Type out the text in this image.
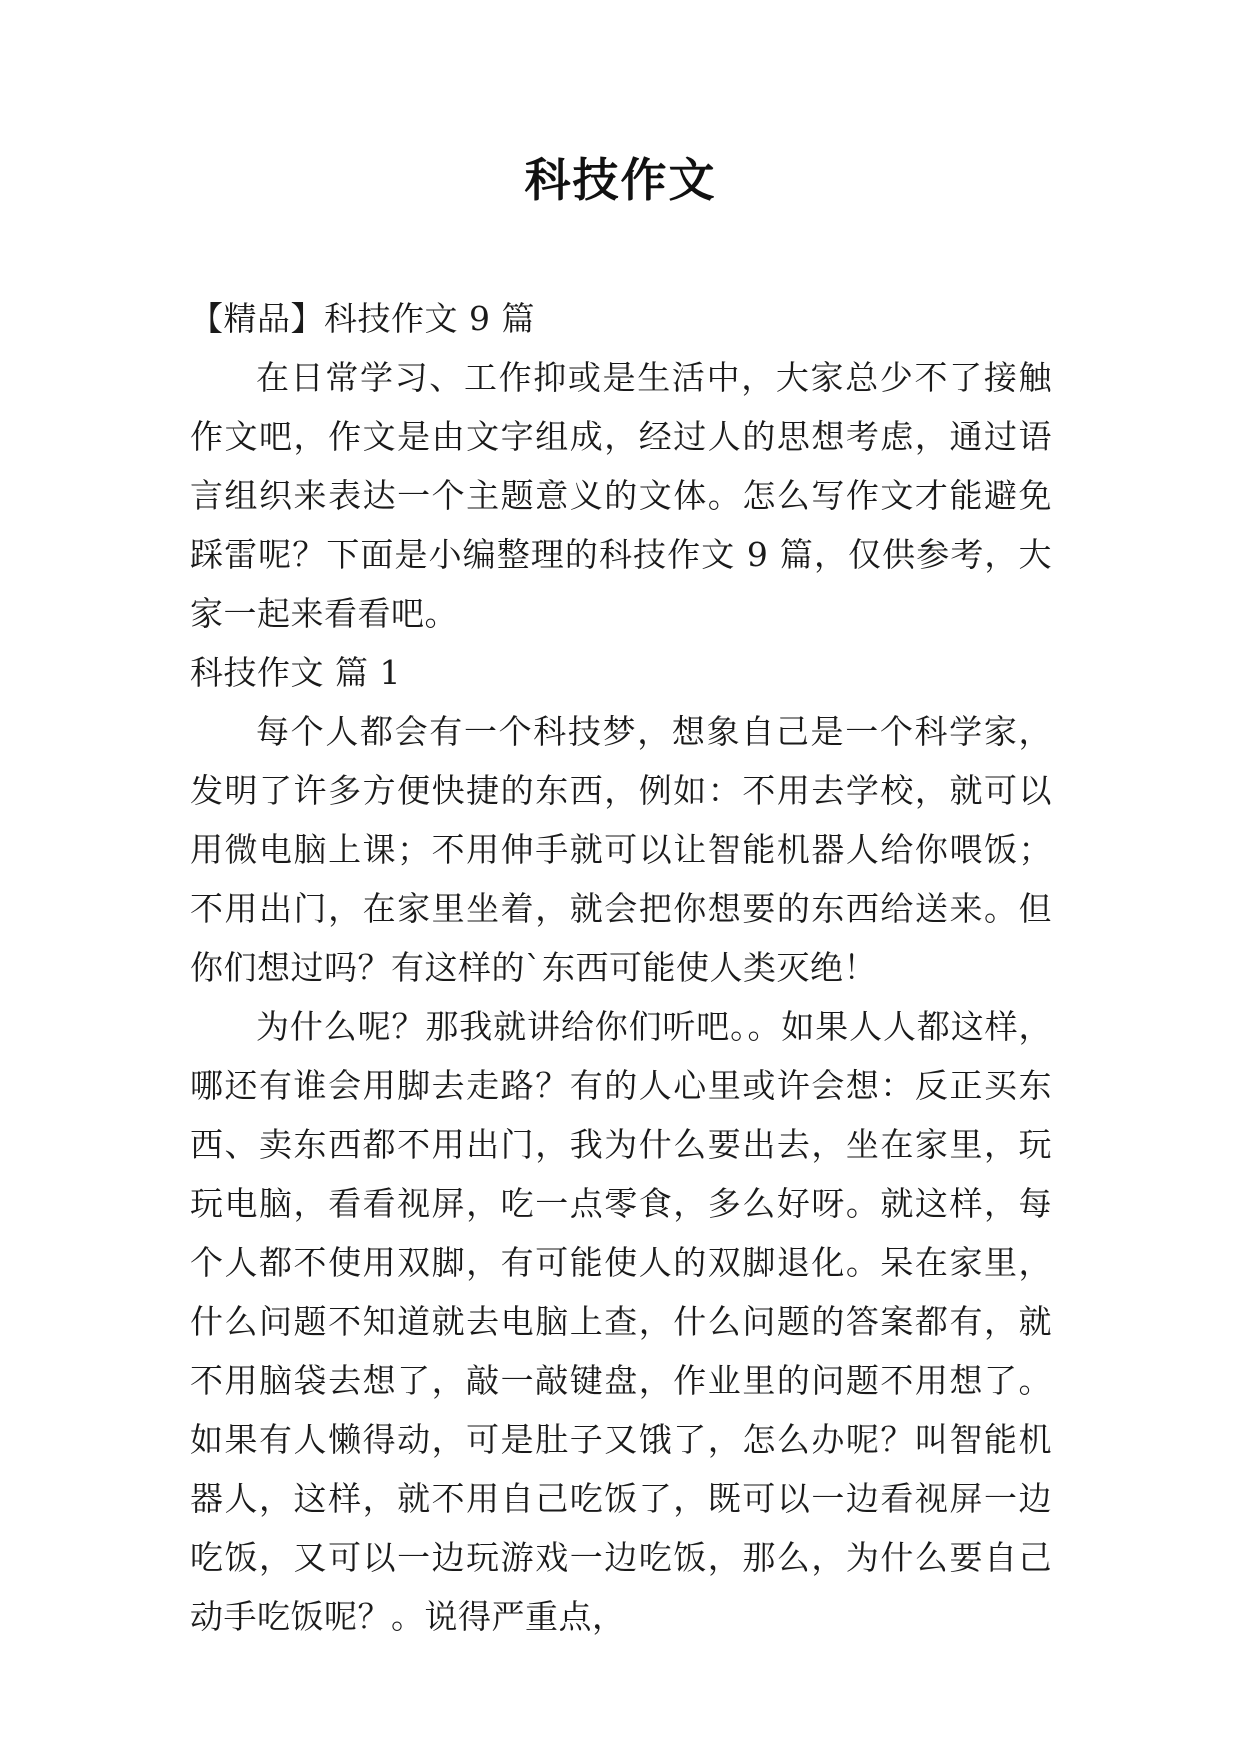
科技作文
【精品】科技作文 9 篇

在日常学习、工作抑或是生活中，大家总少不了接触作文吧，作文是由文字组成，经过人的思想考虑，通过语言组织来表达一个主题意义的文体。怎么写作文才能避免踩雷呢？下面是小编整理的科技作文 9 篇，仅供参考，大家一起来看看吧。

科技作文 篇 1

每个人都会有一个科技梦，想象自己是一个科学家，发明了许多方便快捷的东西，例如：不用去学校，就可以用微电脑上课；不用伸手就可以让智能机器人给你喂饭；不用出门，在家里坐着，就会把你想要的东西给送来。但你们想过吗？有这样的`东西可能使人类灭绝！

为什么呢？那我就讲给你们听吧。。如果人人都这样，哪还有谁会用脚去走路？有的人心里或许会想：反正买东西、卖东西都不用出门，我为什么要出去，坐在家里，玩玩电脑，看看视屏，吃一点零食，多么好呀。就这样，每个人都不使用双脚，有可能使人的双脚退化。呆在家里，什么问题不知道就去电脑上查，什么问题的答案都有，就不用脑袋去想了，敲一敲键盘，作业里的问题不用想了。如果有人懒得动，可是肚子又饿了，怎么办呢？叫智能机器人，这样，就不用自己吃饭了，既可以一边看视屏一边吃饭，又可以一边玩游戏一边吃饭，那么，为什么要自己动手吃饭呢？。说得严重点，
